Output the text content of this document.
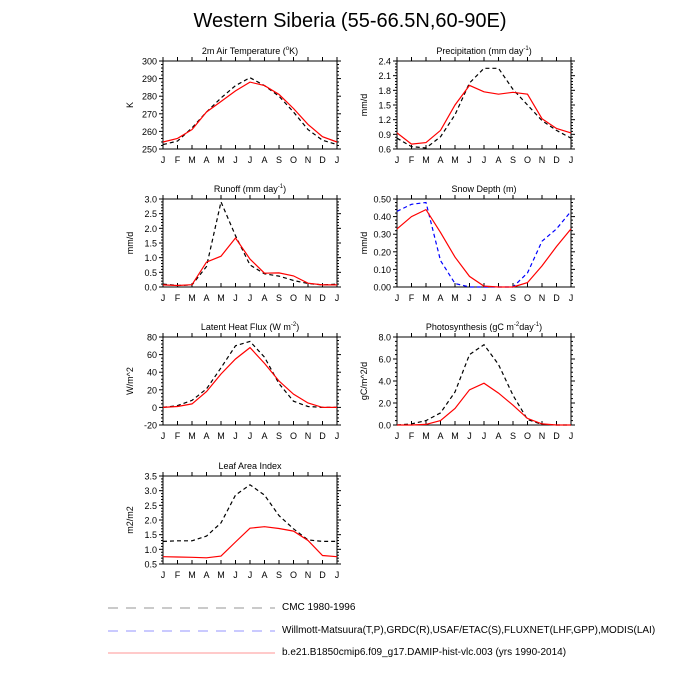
Western Siberia (55-66.5N,60-90E)
2m Air Temperature ($^o$K)
J F M A M J J A S O N D J
250
260
270
280
290
300
K
Precipitation (mm day$^{-1}$)
J F M A M J J A S O N D J
0.6
0.9
1.2
1.5
1.8
2.1
2.4
mm/d
Runoff (mm day$^{-1}$)
J F M A M J J A S O N D J
0.0
0.5
1.0
1.5
2.0
2.5
3.0
mm/d
Snow Depth (m)
J F M A M J J A S O N D J
0.00
0.10
0.20
0.30
0.40
0.50
mm/d
Latent Heat Flux (W $m^{-2}$)
J F M A M J J A S O N D J
-20
0
20
40
60
80
W/m^2
Photosynthesis (gC $m^{-2}day^{-1}$)
J F M A M J J A S O N D J
0.0
2.0
4.0
6.0
8.0
gC/m^2/d
Leaf Area Index
J F M A M J J A S O N D J
0.5
1.0
1.5
2.0
2.5
3.0
3.5
m2/m2
CMC 1980-1996
Willmott-Matsuura(T,P),GRDC(R),USAF/ETAC(S),FLUXNET(LHF,GPP),MODIS(LAI)
b.e21.B1850cmip6.f09_g17.DAMIP-hist-vlc.003 (yrs 1990-2014)
